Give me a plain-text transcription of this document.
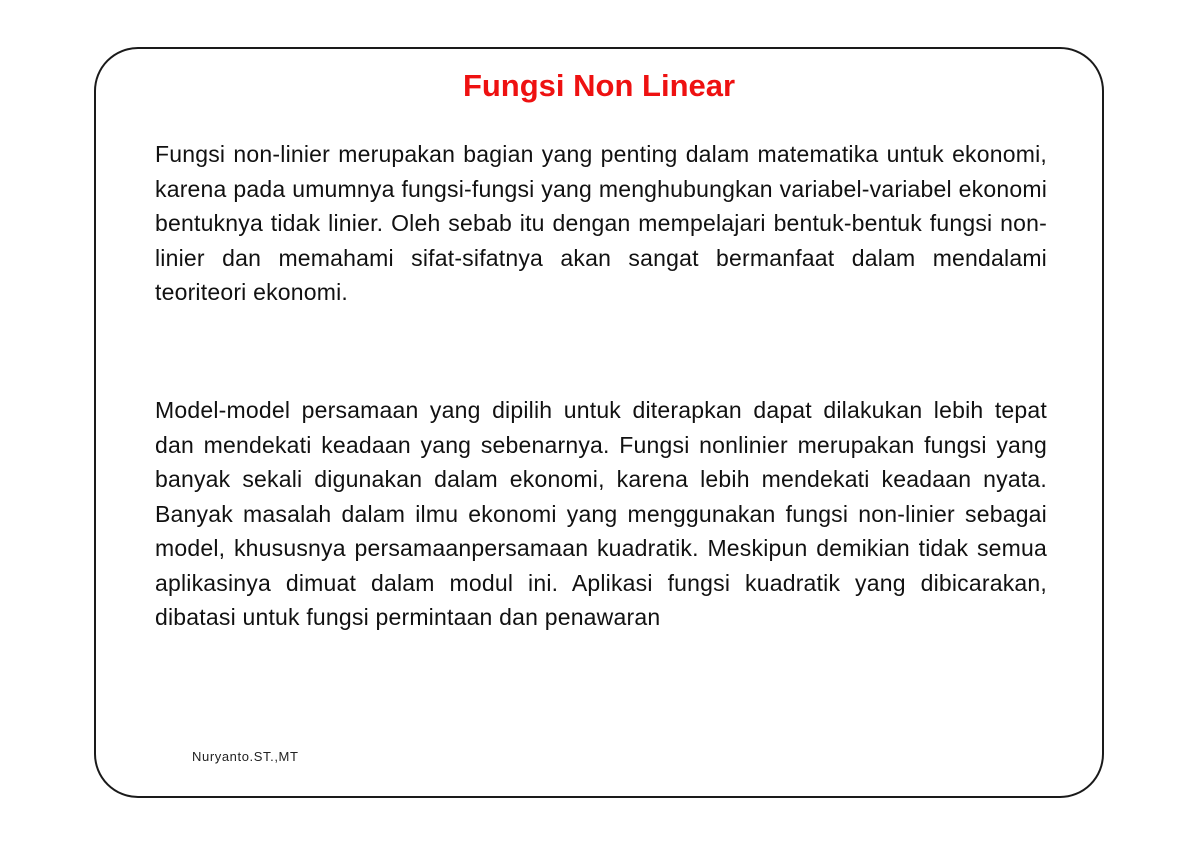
Fungsi Non Linear

Fungsi non-linier merupakan bagian yang penting dalam matematika untuk ekonomi, karena pada umumnya fungsi-fungsi yang menghubungkan variabel-variabel ekonomi bentuknya tidak linier. Oleh sebab itu dengan mempelajari bentuk-bentuk fungsi non- linier dan memahami sifat-sifatnya akan sangat bermanfaat dalam mendalami teoriteori ekonomi.

Model-model persamaan yang dipilih untuk diterapkan dapat dilakukan lebih tepat dan mendekati keadaan yang sebenarnya. Fungsi nonlinier merupakan fungsi yang banyak sekali digunakan dalam ekonomi, karena lebih mendekati keadaan nyata. Banyak masalah dalam ilmu ekonomi yang menggunakan fungsi non-linier sebagai model, khususnya persamaanpersamaan kuadratik. Meskipun demikian tidak semua aplikasinya dimuat dalam modul ini. Aplikasi fungsi kuadratik yang dibicarakan, dibatasi untuk fungsi permintaan dan penawaran

Nuryanto.ST.,MT
